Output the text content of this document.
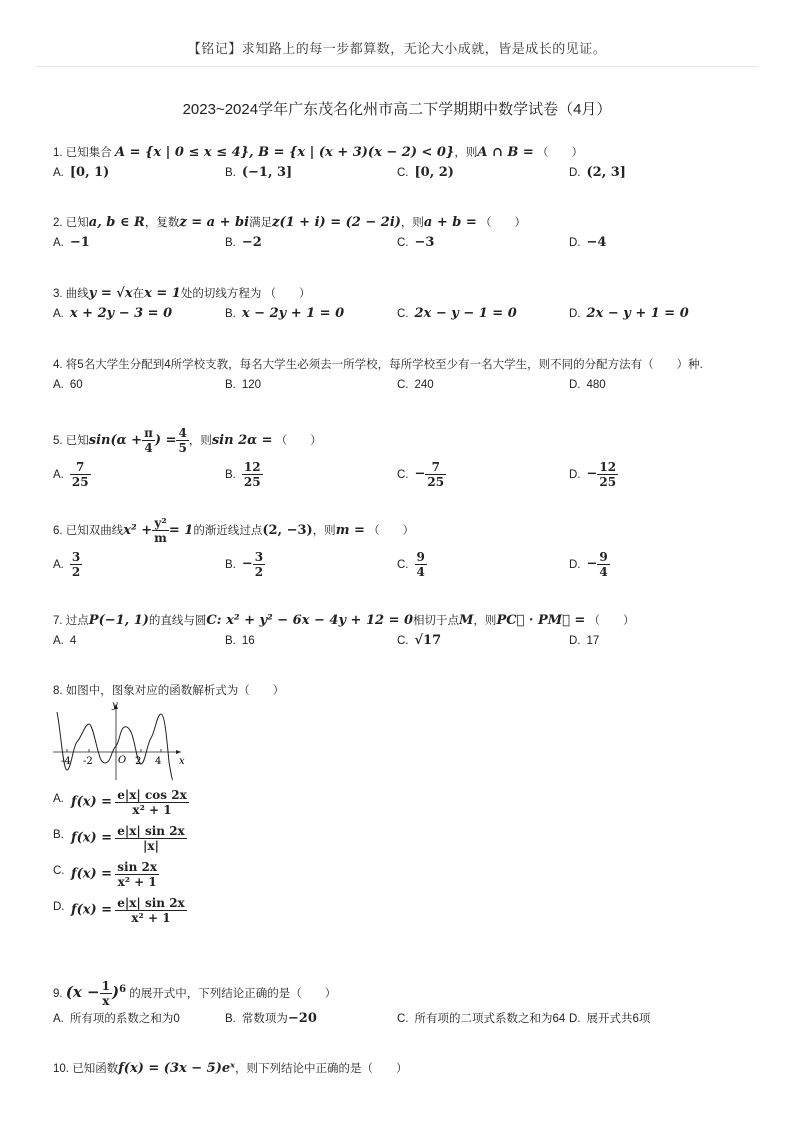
【铭记】求知路上的每一步都算数，无论大小成就，皆是成长的见证。
2023~2024学年广东茂名化州市高二下学期期中数学试卷（4月）
1. 已知集合 A = {x | 0 ≤ x ≤ 4}, B = {x | (x + 3)(x − 2) < 0}，则A ∩ B = （　　）
A. [0, 1)	B. (−1, 3]	C. [0, 2)	D. (2, 3]
2. 已知a, b ∈ R，复数z = a + bi满足z(1 + i) = (2 − 2i)，则a + b = （　　）
A. −1	B. −2	C. −3	D. −4
3. 曲线y = √x在x = 1处的切线方程为 （　　）
A. x + 2y − 3 = 0	B. x − 2y + 1 = 0	C. 2x − y − 1 = 0	D. 2x − y + 1 = 0
4. 将5名大学生分配到4所学校支教，每名大学生必须去一所学校，每所学校至少有一名大学生，则不同的分配方法有（　　）种.
A. 60	B. 120	C. 240	D. 480
5. 已知$\sin(\alpha + \frac{\pi}{4}$ ) = $\frac{4}{5}$ ，则sin 2α = （　　）
A. $\frac{7}{25}$	B. $\frac{12}{25}$	C. − $\frac{7}{25}$	D. − $\frac{12}{25}$
6. 已知双曲线$x^2 + \frac{\text{y²}}{m} = 1$的渐近线过点(2, −3)，则m = （　　）
A. $\frac{3}{2}$	B. − $\frac{3}{2}$	C. $\frac{9}{4}$	D. − $\frac{9}{4}$
7. 过点P(−1, 1)的直线与圆C: x² + y² − 6x − 4y + 12 = 0相切于点M，则PC⃗ · PM⃗ = （　　）
A. 4	B. 16	C. √17	D. 17
8. 如图中，图象对应的函数解析式为（　　）
y
x
O
-4 -2	2 4
A. $f(x) = \frac{e|x| \cos 2x}{\text{x² + 1}}$
B. $f(x) = \frac{e|x| \sin 2x}{|x|}$
C. $f(x) = \frac{\sin 2x}{\text{x² + 1}}$
D. $f(x) = \frac{e|x| \sin 2x}{\text{x² + 1}}$
9. $(x - \frac{1}{x} )6$ 的展开式中，下列结论正确的是（　　）
A. 所有项的系数之和为0	B. 常数项为−20	C. 所有项的二项式系数之和为64 D. 展开式共6项
10. 已知函数f(x) = (3x − 5)eˣ，则下列结论中正确的是（　　）
